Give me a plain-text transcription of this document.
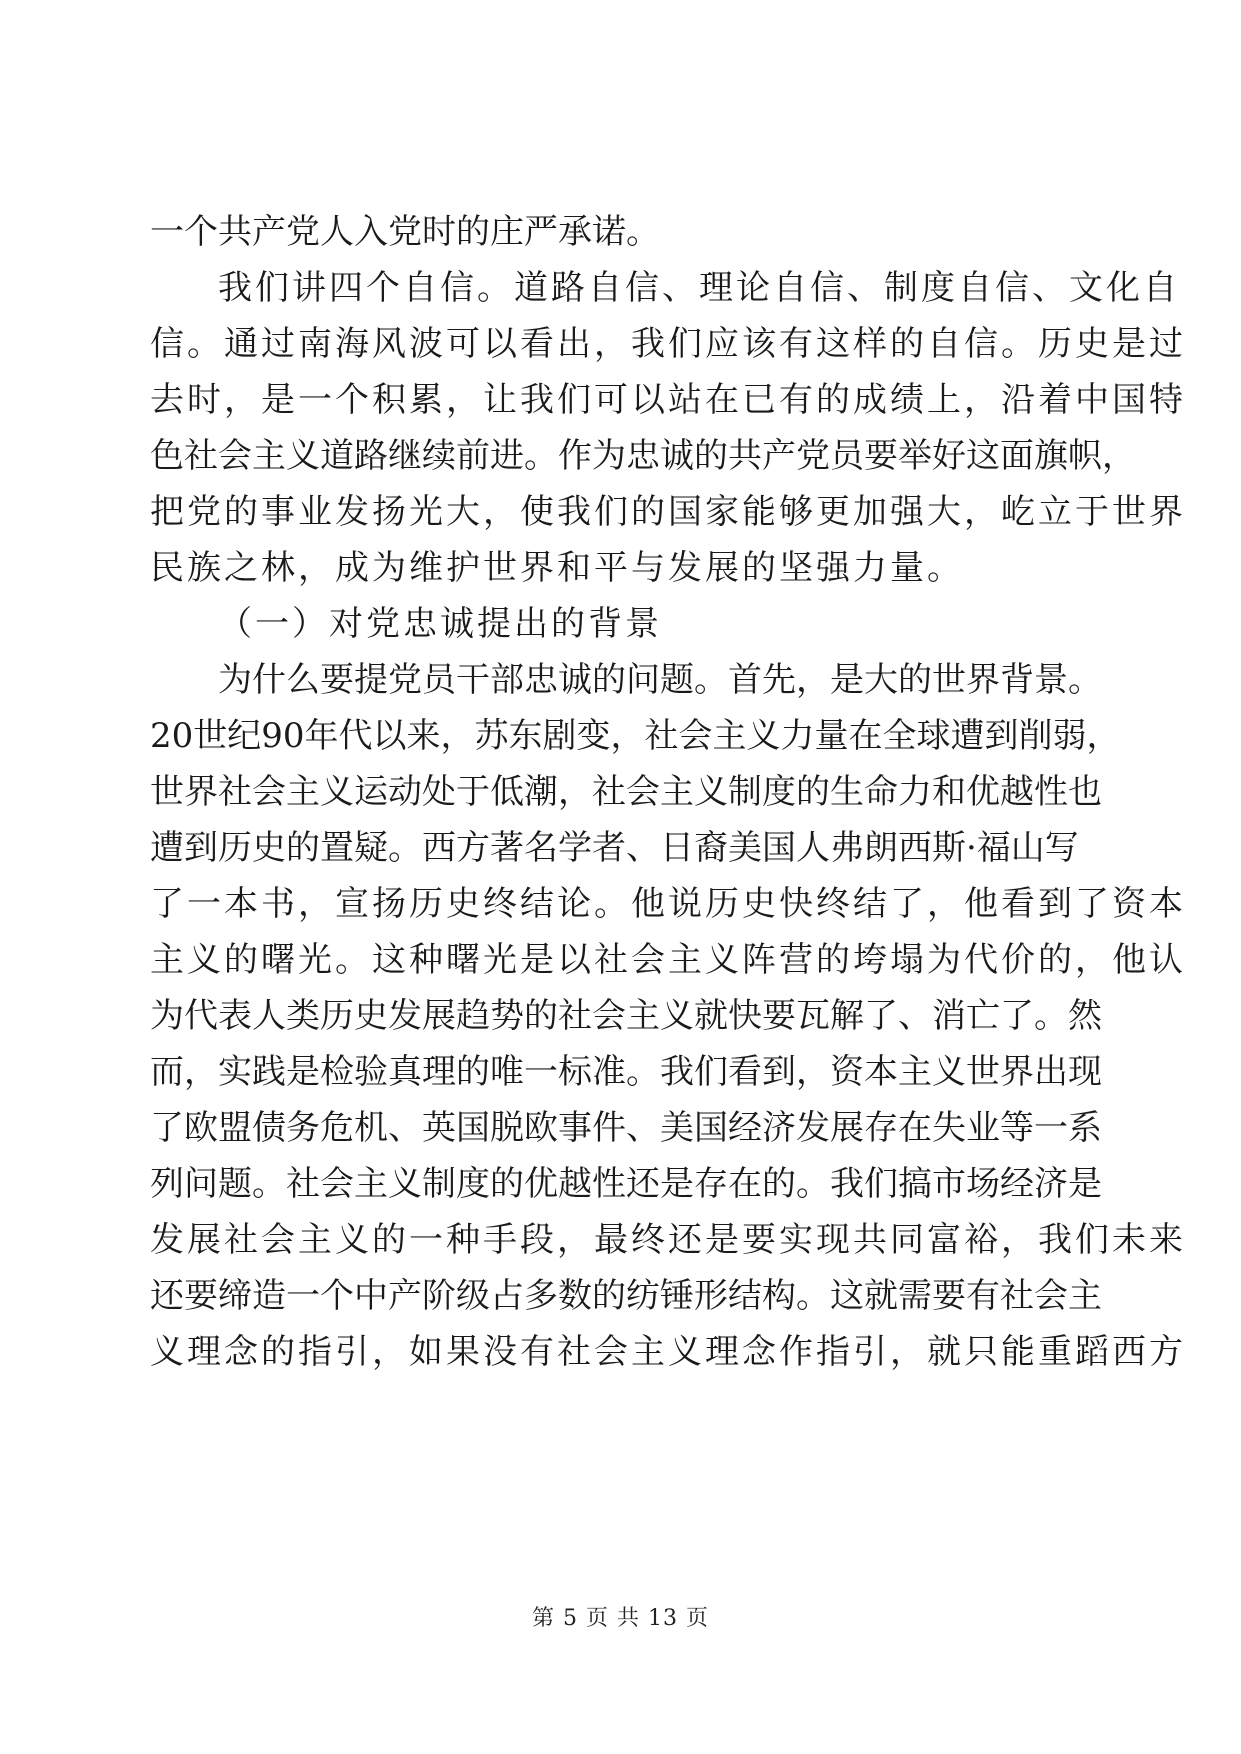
一个共产党人入党时的庄严承诺。
我们讲四个自信。道路自信、理论自信、制度自信、文化自
信。通过南海风波可以看出，我们应该有这样的自信。历史是过
去时，是一个积累，让我们可以站在已有的成绩上，沿着中国特
色社会主义道路继续前进。作为忠诚的共产党员要举好这面旗帜，
把党的事业发扬光大，使我们的国家能够更加强大，屹立于世界
民族之林，成为维护世界和平与发展的坚强力量。
（一）对党忠诚提出的背景
为什么要提党员干部忠诚的问题。首先，是大的世界背景。
20世纪90年代以来，苏东剧变，社会主义力量在全球遭到削弱，
世界社会主义运动处于低潮，社会主义制度的生命力和优越性也
遭到历史的置疑。西方著名学者、日裔美国人弗朗西斯·福山写
了一本书，宣扬历史终结论。他说历史快终结了，他看到了资本
主义的曙光。这种曙光是以社会主义阵营的垮塌为代价的，他认
为代表人类历史发展趋势的社会主义就快要瓦解了、消亡了。然
而，实践是检验真理的唯一标准。我们看到，资本主义世界出现
了欧盟债务危机、英国脱欧事件、美国经济发展存在失业等一系
列问题。社会主义制度的优越性还是存在的。我们搞市场经济是
发展社会主义的一种手段，最终还是要实现共同富裕，我们未来
还要缔造一个中产阶级占多数的纺锤形结构。这就需要有社会主
义理念的指引，如果没有社会主义理念作指引，就只能重蹈西方
第 5 页 共 13 页
